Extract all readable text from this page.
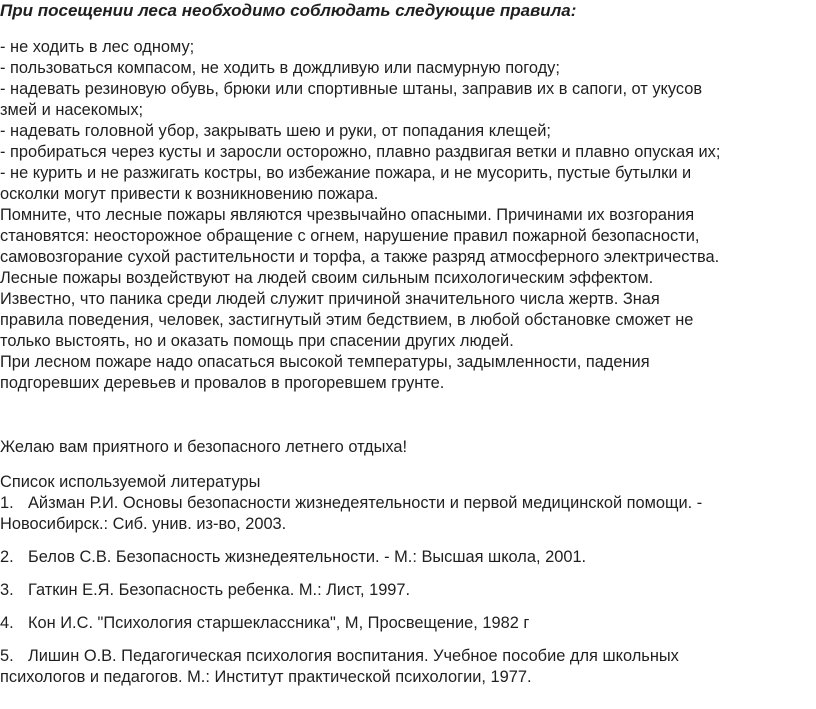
При посещении леса необходимо соблюдать следующие правила:
- не ходить в лес одному;
- пользоваться компасом, не ходить в дождливую или пасмурную погоду;
- надевать резиновую обувь, брюки или спортивные штаны, заправив их в сапоги, от укусов
змей и насекомых;
- надевать головной убор, закрывать шею и руки, от попадания клещей;
- пробираться через кусты и заросли осторожно, плавно раздвигая ветки и плавно опуская их;
- не курить и не разжигать костры, во избежание пожара, и не мусорить, пустые бутылки и
осколки могут привести к возникновению пожара.
Помните, что лесные пожары являются чрезвычайно опасными. Причинами их возгорания
становятся: неосторожное обращение с огнем, нарушение правил пожарной безопасности,
самовозгорание сухой растительности и торфа, а также разряд атмосферного электричества.
Лесные пожары воздействуют на людей своим сильным психологическим эффектом.
Известно, что паника среди людей служит причиной значительного числа жертв. Зная
правила поведения, человек, застигнутый этим бедствием, в любой обстановке сможет не
только выстоять, но и оказать помощь при спасении других людей.
При лесном пожаре надо опасаться высокой температуры, задымленности, падения
подгоревших деревьев и провалов в прогоревшем грунте.
Желаю вам приятного и безопасного летнего отдыха!
Список используемой литературы
1. Айзман Р.И. Основы безопасности жизнедеятельности и первой медицинской помощи. -
Новосибирск.: Сиб. унив. из-во, 2003.
2. Белов С.В. Безопасность жизнедеятельности. - М.: Высшая школа, 2001.
3. Гаткин Е.Я. Безопасность ребенка. М.: Лист, 1997.
4. Кон И.С. "Психология старшеклассника", М, Просвещение, 1982 г
5. Лишин О.В. Педагогическая психология воспитания. Учебное пособие для школьных
психологов и педагогов. М.: Институт практической психологии, 1977.
